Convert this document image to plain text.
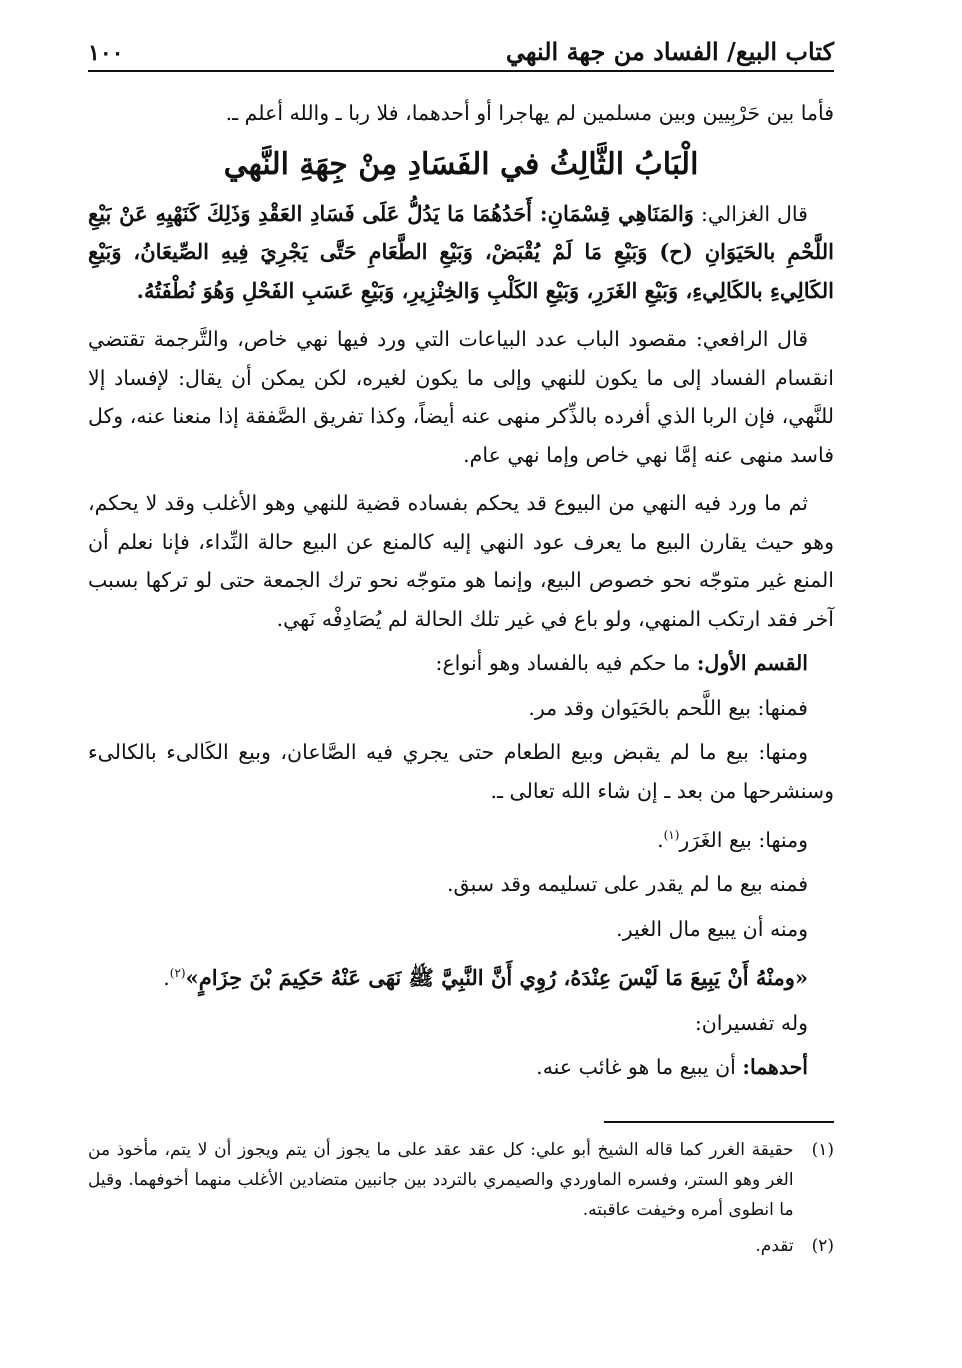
كتاب البيع/ الفساد من جهة النهي
١٠٠

فأما بين حَرْبِيين وبين مسلمين لم يهاجرا أو أحدهما، فلا ربا ـ والله أعلم ـ.

الْبَابُ الثَّالِثُ في الفَسَادِ مِنْ جِهَةِ النَّهي

قال الغزالي: وَالمَنَاهِي قِسْمَانِ: أَحَدُهُمَا مَا يَدُلُّ عَلَى فَسَادِ العَقْدِ وَذَلِكَ كَنَهْيِهِ عَنْ بَيْعِ اللَّحْمِ بالحَيَوَانِ (ح) وَبَيْعِ مَا لَمْ يُقْبَضْ، وَبَيْعِ الطَّعَامِ حَتَّى يَجْرِيَ فِيهِ الصِّيعَانُ، وَبَيْعِ الكَالِيءِ بالكَالِيءِ، وَبَيْعِ الغَرَرِ، وَبَيْعِ الكَلْبِ وَالخِنْزِيرِ، وَبَيْعِ عَسَبِ الفَحْلِ وَهُوَ نُطْفَتُهُ.

قال الرافعي: مقصود الباب عدد البياعات التي ورد فيها نهي خاص، والتَّرجمة تقتضي انقسام الفساد إلى ما يكون للنهي وإلى ما يكون لغيره، لكن يمكن أن يقال: لإفساد إلا للنَّهي، فإن الربا الذي أفرده بالذِّكر منهى عنه أيضاً، وكذا تفريق الصَّفقة إذا منعنا عنه، وكل فاسد منهى عنه إمَّا نهي خاص وإما نهي عام.

ثم ما ورد فيه النهي من البيوع قد يحكم بفساده قضية للنهي وهو الأغلب وقد لا يحكم، وهو حيث يقارن البيع ما يعرف عود النهي إليه كالمنع عن البيع حالة النِّداء، فإنا نعلم أن المنع غير متوجّه نحو خصوص البيع، وإنما هو متوجّه نحو ترك الجمعة حتى لو تركها بسبب آخر فقد ارتكب المنهي، ولو باع في غير تلك الحالة لم يُصَادِفْه نَهي.

القسم الأول: ما حكم فيه بالفساد وهو أنواع:

فمنها: بيع اللَّحم بالحَيَوان وقد مر.

ومنها: بيع ما لم يقبض وبيع الطعام حتى يجري فيه الصَّاعان، وبيع الكَالىء بالكالىء وسنشرحها من بعد ـ إن شاء الله تعالى ـ.

ومنها: بيع الغَرَر$^{(١)}$.

فمنه بيع ما لم يقدر على تسليمه وقد سبق.

ومنه أن يبيع مال الغير.

«ومنْهُ أَنْ يَبِيعَ مَا لَيْسَ عِنْدَهُ، رُوِي أَنَّ النَّبِيَّ ﷺ نَهَى عَنْهُ حَكِيمَ بْنَ حِزَامٍ»$^{(٢)}$.

وله تفسيران:

أحدهما: أن يبيع ما هو غائب عنه.

(١)
حقيقة الغرر كما قاله الشيخ أبو علي: كل عقد عقد على ما يجوز أن يتم ويجوز أن لا يتم، مأخوذ من الغر وهو الستر، وفسره الماوردي والصيمري بالتردد بين جانبين متضادين الأغلب منهما أخوفهما. وقيل ما انطوى أمره وخيفت عاقبته.
(٢)
تقدم.
